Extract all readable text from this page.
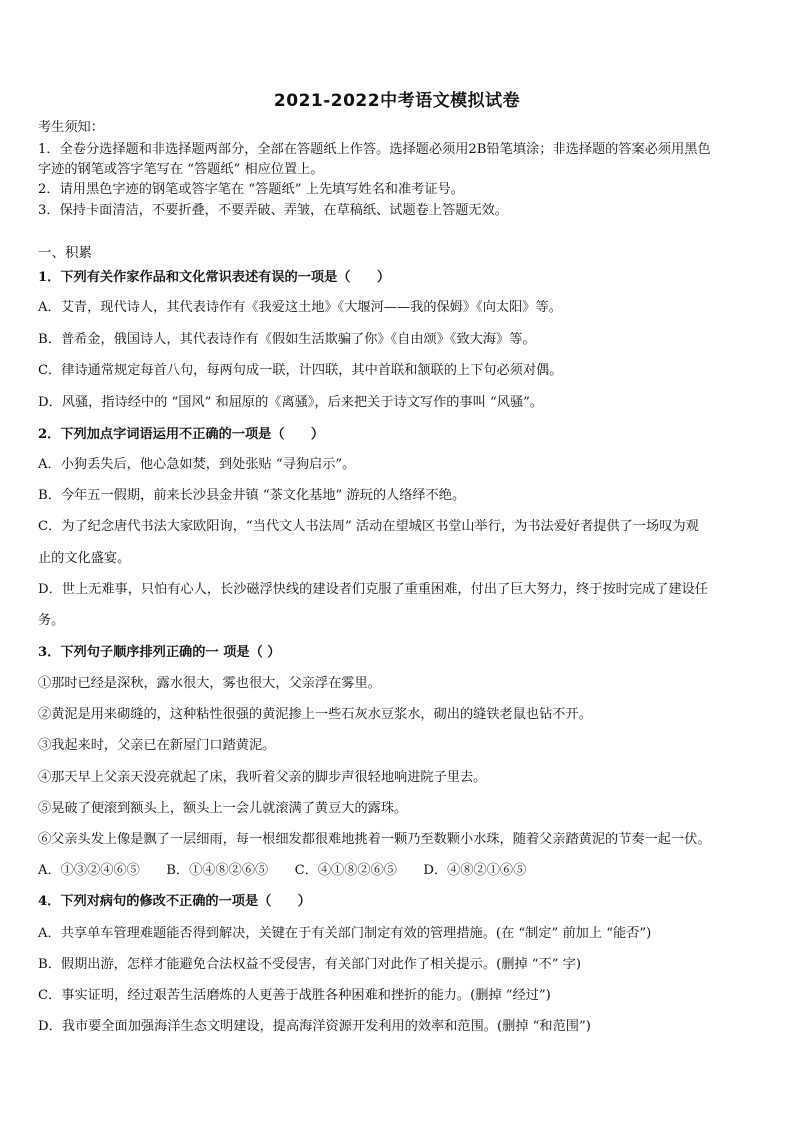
2021-2022中考语文模拟试卷
考生须知：
1．全卷分选择题和非选择题两部分，全部在答题纸上作答。选择题必须用2B铅笔填涂；非选择题的答案必须用黑色
字迹的钢笔或答字笔写在 “答题纸” 相应位置上。
2．请用黑色字迹的钢笔或答字笔在 “答题纸” 上先填写姓名和准考证号。
3．保持卡面清洁，不要折叠，不要弄破、弄皱，在草稿纸、试题卷上答题无效。
一、积累
1．下列有关作家作品和文化常识表述有误的一项是（　　）
A．艾青，现代诗人，其代表诗作有《我爱这土地》《大堰河——我的保姆》《向太阳》等。
B．普希金，俄国诗人，其代表诗作有《假如生活欺骗了你》《自由颂》《致大海》等。
C．律诗通常规定每首八句，每两句成一联，计四联，其中首联和颔联的上下句必须对偶。
D．风骚，指诗经中的 “国风” 和屈原的《离骚》，后来把关于诗文写作的事叫 “风骚”。
2．下列加点字词语运用不正确的一项是（　　）
A．小狗丢失后，他心急如焚，到处张贴 “寻狗启示”。
B．今年五一假期，前来长沙县金井镇 “茶文化基地” 游玩的人络绎不绝。
C．为了纪念唐代书法大家欧阳询，“当代文人书法周” 活动在望城区书堂山举行，为书法爱好者提供了一场叹为观
止的文化盛宴。
D．世上无难事，只怕有心人，长沙磁浮快线的建设者们克服了重重困难，付出了巨大努力，终于按时完成了建设任
务。
3．下列句子顺序排列正确的一 项是（ ）
①那时已经是深秋，露水很大，雾也很大，父亲浮在雾里。
②黄泥是用来砌缝的，这种粘性很强的黄泥掺上一些石灰水豆浆水，砌出的缝铁老鼠也钻不开。
③我起来时，父亲已在新屋门口踏黄泥。
④那天早上父亲天没亮就起了床，我听着父亲的脚步声很轻地响进院子里去。
⑤晃破了便滚到额头上，额头上一会儿就滚满了黄豆大的露珠。
⑥父亲头发上像是飘了一层细雨，每一根细发都很难地挑着一颗乃至数颗小水珠，随着父亲踏黄泥的节奏一起一伏。
A．①③②④⑥⑤　　B．①④⑧②⑥⑤　　C．④①⑧②⑥⑤　　D．④⑧②①⑥⑤
4．下列对病句的修改不正确的一项是（　　）
A．共享单车管理难题能否得到解决，关键在于有关部门制定有效的管理措施。(在 “制定” 前加上 “能否”)
B．假期出游，怎样才能避免合法权益不受侵害，有关部门对此作了相关提示。(删掉 “不” 字)
C．事实证明，经过艰苦生活磨炼的人更善于战胜各种困难和挫折的能力。(删掉 “经过”)
D．我市要全面加强海洋生态文明建设，提高海洋资源开发利用的效率和范围。(删掉 “和范围”)
